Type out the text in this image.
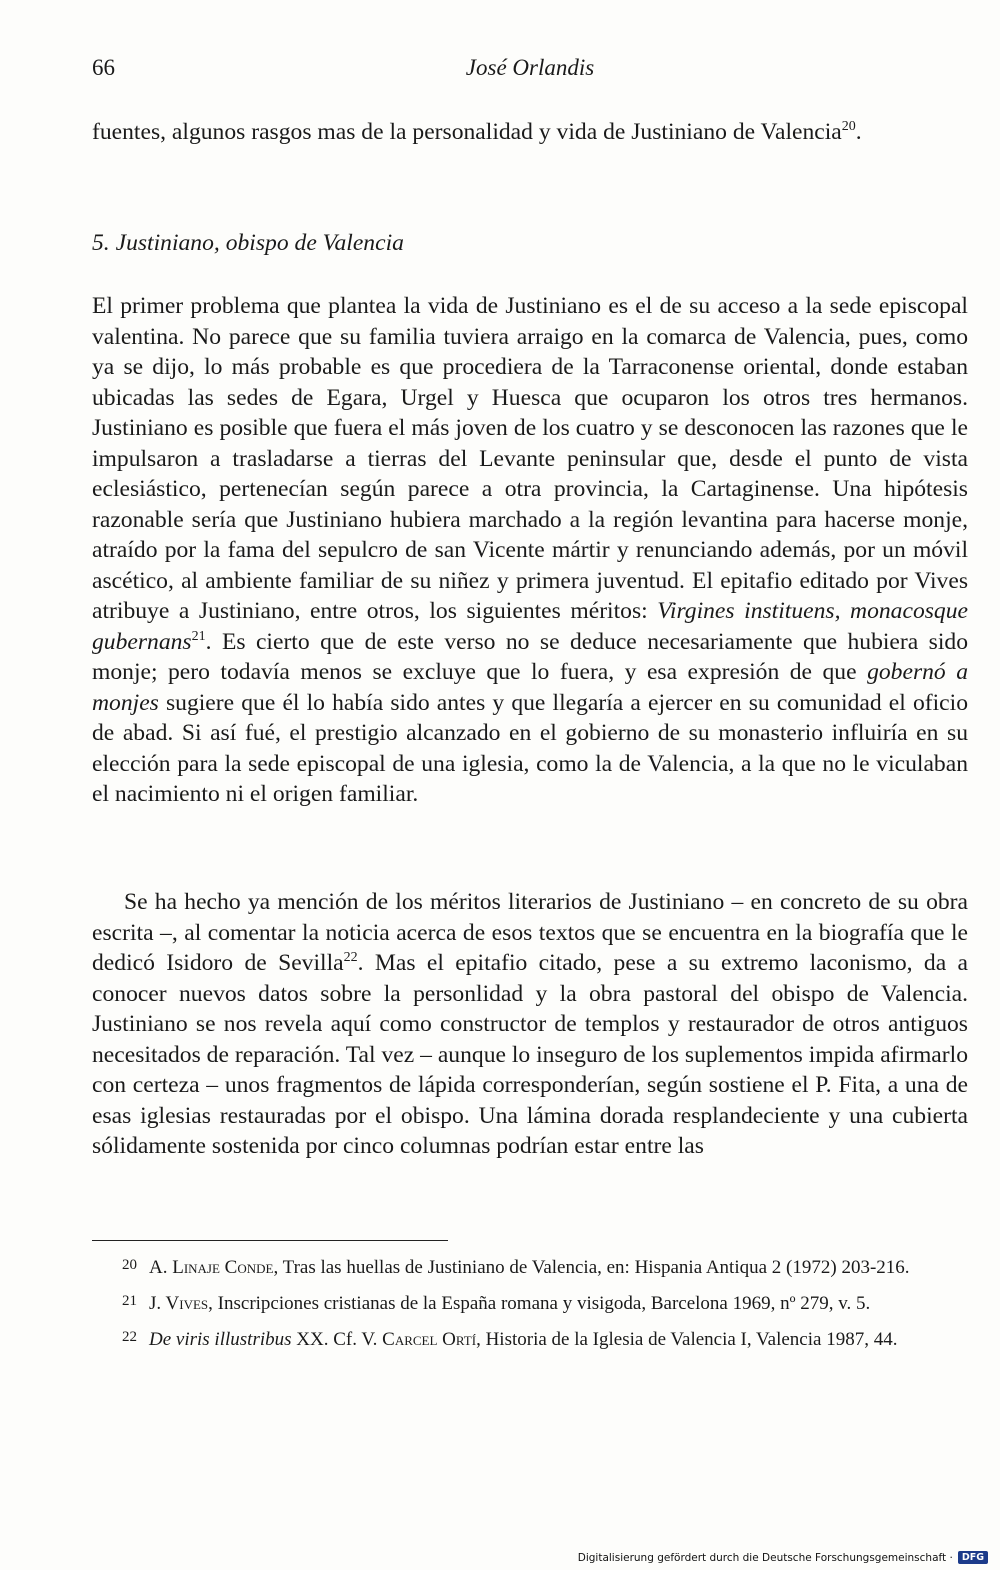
66	José Orlandis

fuentes, algunos rasgos mas de la personalidad y vida de Justiniano de Valencia$^{20}$.

5. Justiniano, obispo de Valencia

El primer problema que plantea la vida de Justiniano es el de su acceso a la sede episcopal valentina. No parece que su familia tuviera arraigo en la comarca de Valencia, pues, como ya se dijo, lo más probable es que procediera de la Tarraconense oriental, donde estaban ubicadas las sedes de Egara, Urgel y Huesca que ocuparon los otros tres hermanos. Justiniano es posible que fuera el más joven de los cuatro y se desconocen las razones que le impulsaron a trasladarse a tierras del Levante peninsular que, desde el punto de vista eclesiástico, pertenecían según parece a otra provincia, la Cartaginense. Una hipótesis razonable sería que Justiniano hubiera marchado a la región levantina para hacerse monje, atraído por la fama del sepulcro de san Vicente mártir y renunciando además, por un móvil ascético, al ambiente familiar de su niñez y primera juventud. El epitafio editado por Vives atribuye a Justiniano, entre otros, los siguientes méritos: Virgines instituens, monacosque gubernans$^{21}$. Es cierto que de este verso no se deduce necesariamente que hubiera sido monje; pero todavía menos se excluye que lo fuera, y esa expresión de que gobernó a monjes sugiere que él lo había sido antes y que llegaría a ejercer en su comunidad el oficio de abad. Si así fué, el prestigio alcanzado en el gobierno de su monasterio influiría en su elección para la sede episcopal de una iglesia, como la de Valencia, a la que no le viculaban el nacimiento ni el origen familiar.

Se ha hecho ya mención de los méritos literarios de Justiniano – en concreto de su obra escrita –, al comentar la noticia acerca de esos textos que se encuentra en la biografía que le dedicó Isidoro de Sevilla$^{22}$. Mas el epitafio citado, pese a su extremo laconismo, da a conocer nuevos datos sobre la personlidad y la obra pastoral del obispo de Valencia. Justiniano se nos revela aquí como constructor de templos y restaurador de otros antiguos necesitados de reparación. Tal vez – aunque lo inseguro de los suplementos impida afirmarlo con certeza – unos fragmentos de lápida corresponderían, según sostiene el P. Fita, a una de esas iglesias restauradas por el obispo. Una lámina dorada resplandeciente y una cubierta sólidamente sostenida por cinco columnas podrían estar entre las

$^{20}$ A. Linaje Conde, Tras las huellas de Justiniano de Valencia, en: Hispania Antiqua 2 (1972) 203-216.

$^{21}$ J. Vives, Inscripciones cristianas de la España romana y visigoda, Barcelona 1969, nº 279, v. 5.

$^{22}$ De viris illustribus XX. Cf. V. Carcel Ortí, Historia de la Iglesia de Valencia I, Valencia 1987, 44.

Digitalisierung gefördert durch die Deutsche Forschungsgemeinschaft · DFG
